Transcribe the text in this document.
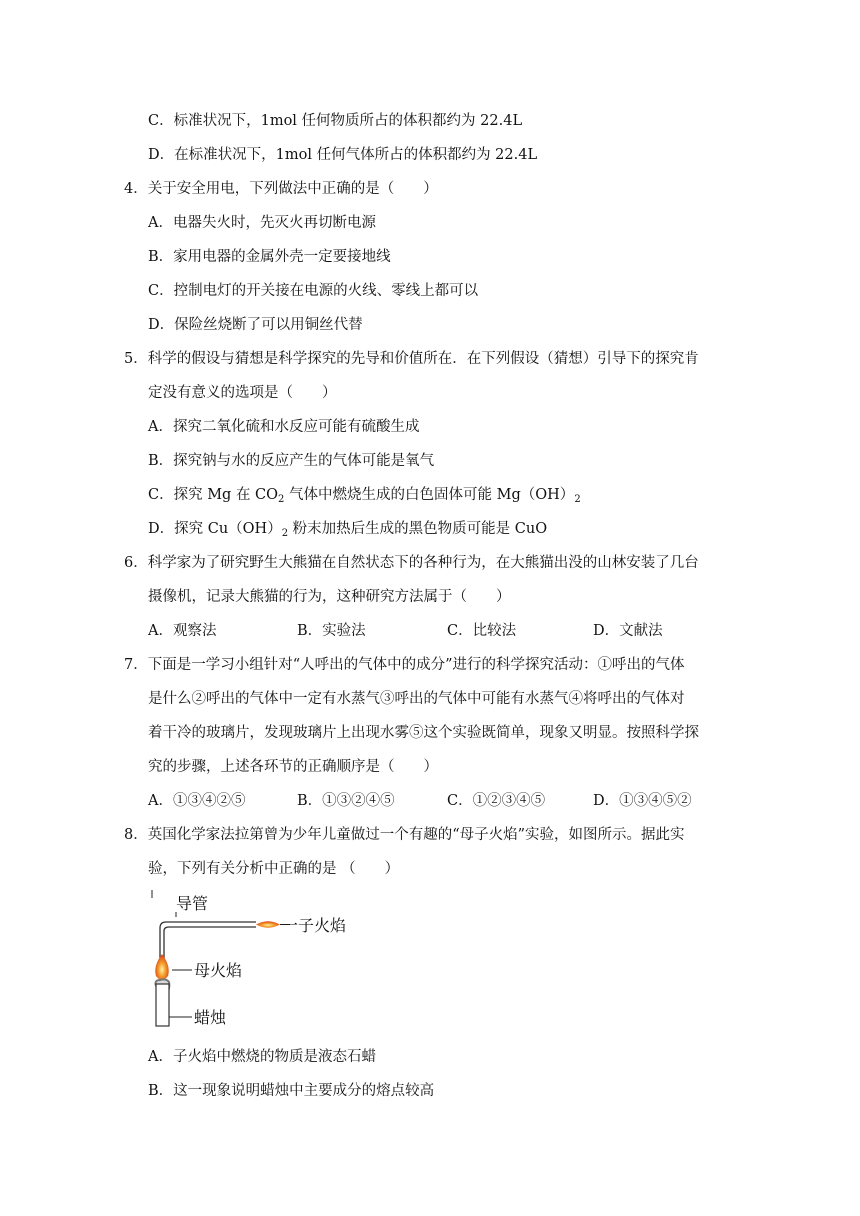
C．标准状况下，1mol 任何物质所占的体积都约为 22.4L
D．在标准状况下，1mol 任何气体所占的体积都约为 22.4L
4．关于安全用电，下列做法中正确的是（　　）
A．电器失火时，先灭火再切断电源
B．家用电器的金属外壳一定要接地线
C．控制电灯的开关接在电源的火线、零线上都可以
D．保险丝烧断了可以用铜丝代替
5．科学的假设与猜想是科学探究的先导和价值所在．在下列假设（猜想）引导下的探究肯
定没有意义的选项是（　　）
A．探究二氧化硫和水反应可能有硫酸生成
B．探究钠与水的反应产生的气体可能是氧气
C．探究 Mg 在 $CO_2$ 气体中燃烧生成的白色固体可能 $Mg(OH)_2$
D．探究 $Cu(OH)_2$ 粉末加热后生成的黑色物质可能是 CuO
6．科学家为了研究野生大熊猫在自然状态下的各种行为，在大熊猫出没的山林安装了几台
摄像机，记录大熊猫的行为，这种研究方法属于（　　）
A．观察法	B．实验法	C．比较法	D．文献法
7．下面是一学习小组针对“人呼出的气体中的成分”进行的科学探究活动：①呼出的气体
是什么②呼出的气体中一定有水蒸气③呼出的气体中可能有水蒸气④将呼出的气体对
着干冷的玻璃片，发现玻璃片上出现水雾⑤这个实验既简单，现象又明显。按照科学探
究的步骤，上述各环节的正确顺序是（　　）
A．①③④②⑤	B．①③②④⑤	C．①②③④⑤	D．①③④⑤②
8．英国化学家法拉第曾为少年儿童做过一个有趣的“母子火焰”实验，如图所示。据此实
验，下列有关分析中正确的是 （　　）
导管
一子火焰
母火焰
蜡烛
A．子火焰中燃烧的物质是液态石蜡
B．这一现象说明蜡烛中主要成分的熔点较高
